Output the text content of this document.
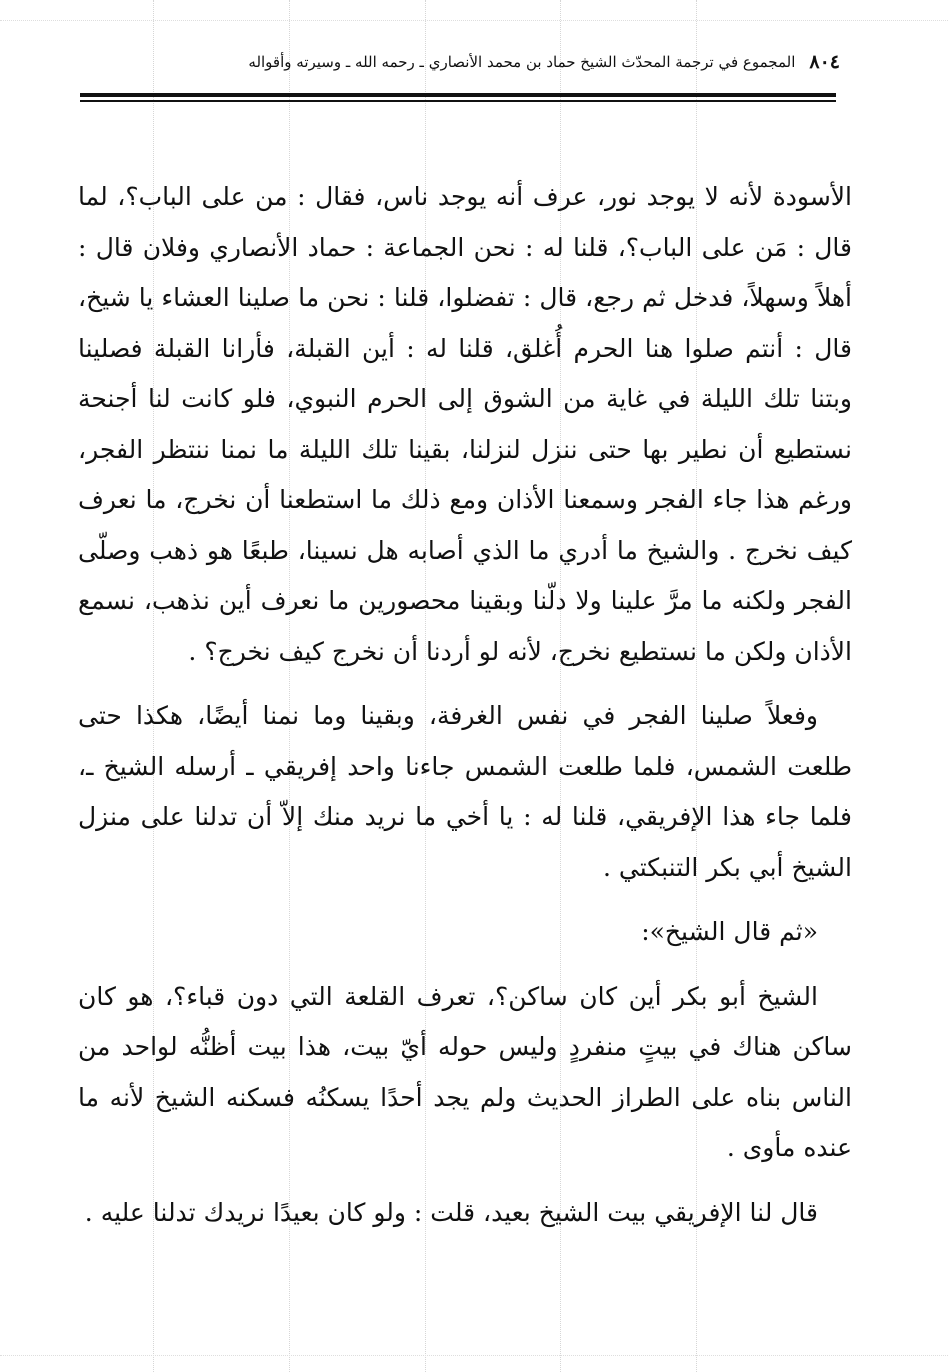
٨٠٤
المجموع في ترجمة المحدّث الشيخ حماد بن محمد الأنصاري ـ رحمه الله ـ وسيرته وأقواله

الأسودة لأنه لا يوجد نور، عرف أنه يوجد ناس، فقال : من على الباب؟، لما قال : مَن على الباب؟، قلنا له : نحن الجماعة : حماد الأنصاري وفلان قال : أهلاً وسهلاً، فدخل ثم رجع، قال : تفضلوا، قلنا : نحن ما صلينا العشاء يا شيخ، قال : أنتم صلوا هنا الحرم أُغلق، قلنا له : أين القبلة، فأرانا القبلة فصلينا وبتنا تلك الليلة في غاية من الشوق إلى الحرم النبوي، فلو كانت لنا أجنحة نستطيع أن نطير بها حتى ننزل لنزلنا، بقينا تلك الليلة ما نمنا ننتظر الفجر، ورغم هذا جاء الفجر وسمعنا الأذان ومع ذلك ما استطعنا أن نخرج، ما نعرف كيف نخرج . والشيخ ما أدري ما الذي أصابه هل نسينا، طبعًا هو ذهب وصلّى الفجر ولكنه ما مرَّ علينا ولا دلّنا وبقينا محصورين ما نعرف أين نذهب، نسمع الأذان ولكن ما نستطيع نخرج، لأنه لو أردنا أن نخرج كيف نخرج؟ .

وفعلاً صلينا الفجر في نفس الغرفة، وبقينا وما نمنا أيضًا، هكذا حتى طلعت الشمس، فلما طلعت الشمس جاءنا واحد إفريقي ـ أرسله الشيخ ـ، فلما جاء هذا الإفريقي، قلنا له : يا أخي ما نريد منك إلاّ أن تدلنا على منزل الشيخ أبي بكر التنبكتي .

«ثم قال الشيخ»:

الشيخ أبو بكر أين كان ساكن؟، تعرف القلعة التي دون قباء؟، هو كان ساكن هناك في بيتٍ منفردٍ وليس حوله أيّ بيت، هذا بيت أظنُّه لواحد من الناس بناه على الطراز الحديث ولم يجد أحدًا يسكنُه فسكنه الشيخ لأنه ما عنده مأوى .

قال لنا الإفريقي بيت الشيخ بعيد، قلت : ولو كان بعيدًا نريدك تدلنا عليه .
